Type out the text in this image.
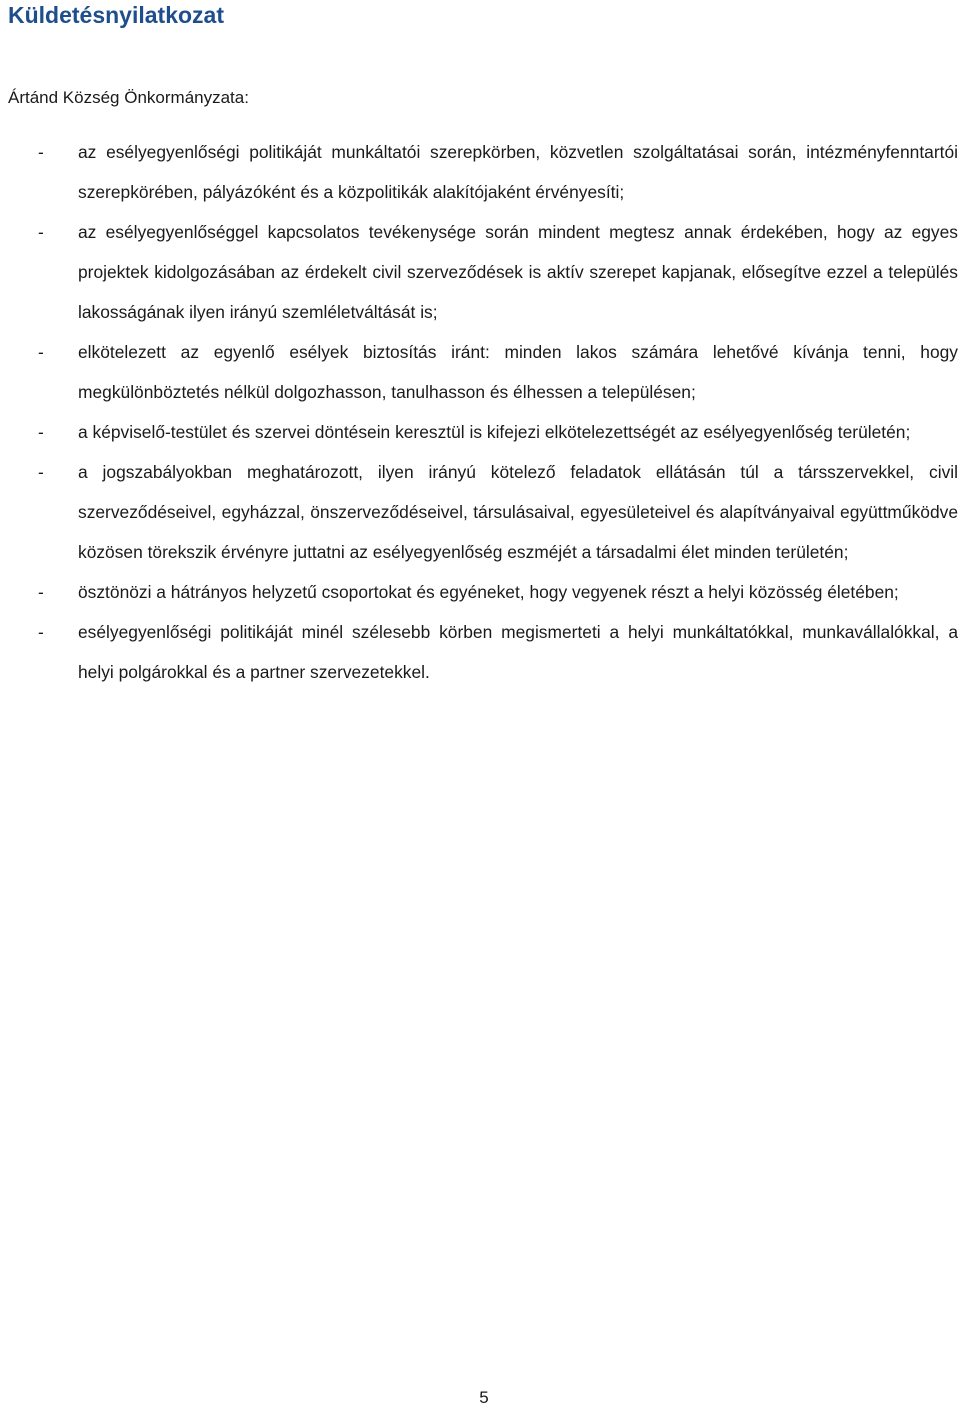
Küldetésnyilatkozat

Ártánd Község Önkormányzata:

- az esélyegyenlőségi politikáját munkáltatói szerepkörben, közvetlen szolgáltatásai során, intézményfenntartói szerepkörében, pályázóként és a közpolitikák alakítójaként érvényesíti;
- az esélyegyenlőséggel kapcsolatos tevékenysége során mindent megtesz annak érdekében, hogy az egyes projektek kidolgozásában az érdekelt civil szerveződések is aktív szerepet kapjanak, elősegítve ezzel a település lakosságának ilyen irányú szemléletváltását is;
- elkötelezett az egyenlő esélyek biztosítás iránt: minden lakos számára lehetővé kívánja tenni, hogy megkülönböztetés nélkül dolgozhasson, tanulhasson és élhessen a településen;
- a képviselő-testület és szervei döntésein keresztül is kifejezi elkötelezettségét az esélyegyenlőség területén;
- a jogszabályokban meghatározott, ilyen irányú kötelező feladatok ellátásán túl a társszervekkel, civil szerveződéseivel, egyházzal, önszerveződéseivel, társulásaival, egyesületeivel és alapítványaival együttműködve közösen törekszik érvényre juttatni az esélyegyenlőség eszméjét a társadalmi élet minden területén;
- ösztönözi a hátrányos helyzetű csoportokat és egyéneket, hogy vegyenek részt a helyi közösség életében;
- esélyegyenlőségi politikáját minél szélesebb körben megismerteti a helyi munkáltatókkal, munkavállalókkal, a helyi polgárokkal és a partner szervezetekkel.
5
